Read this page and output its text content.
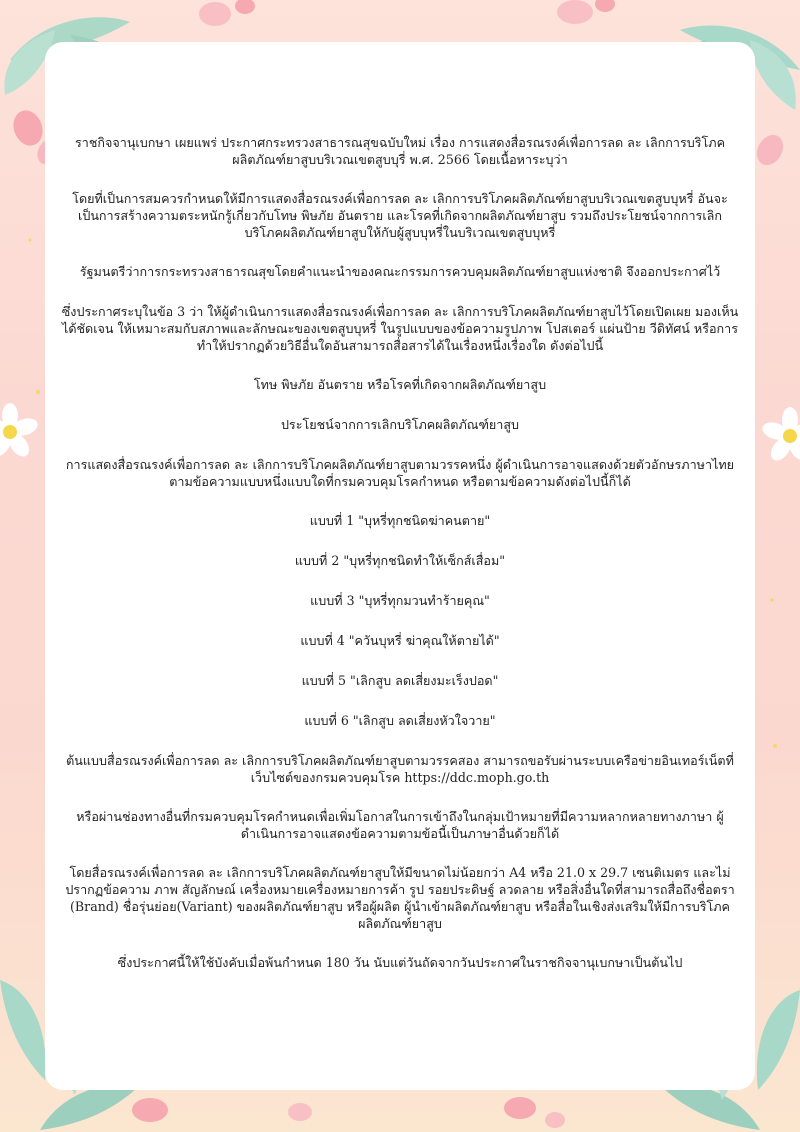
ราชกิจจานุเบกษา เผยแพร่ ประกาศกระทรวงสาธารณสุขฉบับใหม่ เรื่อง การแสดงสื่อรณรงค์เพื่อการลด ละ เลิกการบริโภคผลิตภัณฑ์ยาสูบบริเวณเขตสูบบุรี่ พ.ศ. 2566 โดยเนื้อหาระบุว่า

โดยที่เป็นการสมควรกำหนดให้มีการแสดงสื่อรณรงค์เพื่อการลด ละ เลิกการบริโภคผลิตภัณฑ์ยาสูบบริเวณเขตสูบบุหรี่ อันจะเป็นการสร้างความตระหนักรู้เกี่ยวกับโทษ พิษภัย อันตราย และโรคที่เกิดจากผลิตภัณฑ์ยาสูบ รวมถึงประโยชน์จากการเลิกบริโภคผลิตภัณฑ์ยาสูบให้กับผู้สูบบุหรี่ในบริเวณเขตสูบบุหรี่

รัฐมนตรีว่าการกระทรวงสาธารณสุขโดยคำแนะนำของคณะกรรมการควบคุมผลิตภัณฑ์ยาสูบแห่งชาติ จึงออกประกาศไว้

ซึ่งประกาศระบุในข้อ 3 ว่า ให้ผู้ดำเนินการแสดงสื่อรณรงค์เพื่อการลด ละ เลิกการบริโภคผลิตภัณฑ์ยาสูบไว้โดยเปิดเผย มองเห็นได้ชัดเจน ให้เหมาะสมกับสภาพและลักษณะของเขตสูบบุหรี่ ในรูปแบบของข้อความรูปภาพ โปสเตอร์ แผ่นป้าย วีดิทัศน์ หรือการทำให้ปรากฏด้วยวิธีอื่นใดอันสามารถสื่อสารได้ในเรื่องหนึ่งเรื่องใด ดังต่อไปนี้

โทษ พิษภัย อันตราย หรือโรคที่เกิดจากผลิตภัณฑ์ยาสูบ

ประโยชน์จากการเลิกบริโภคผลิตภัณฑ์ยาสูบ

การแสดงสื่อรณรงค์เพื่อการลด ละ เลิกการบริโภคผลิตภัณฑ์ยาสูบตามวรรคหนึ่ง ผู้ดำเนินการอาจแสดงด้วยตัวอักษรภาษาไทยตามข้อความแบบหนึ่งแบบใดที่กรมควบคุมโรคกำหนด หรือตามข้อความดังต่อไปนี้ก็ได้

แบบที่ 1 "บุหรี่ทุกชนิดฆ่าคนตาย"

แบบที่ 2 "บุหรี่ทุกชนิดทำให้เซ็กส์เสื่อม"

แบบที่ 3 "บุหรี่ทุกมวนทำร้ายคุณ"

แบบที่ 4 "ควันบุหรี่ ฆ่าคุณให้ตายได้"

แบบที่ 5 "เลิกสูบ ลดเสี่ยงมะเร็งปอด"

แบบที่ 6 "เลิกสูบ ลดเสี่ยงหัวใจวาย"

ต้นแบบสื่อรณรงค์เพื่อการลด ละ เลิกการบริโภคผลิตภัณฑ์ยาสูบตามวรรคสอง สามารถขอรับผ่านระบบเครือข่ายอินเทอร์เน็ตที่เว็บไซต์ของกรมควบคุมโรค https://ddc.moph.go.th

หรือผ่านช่องทางอื่นที่กรมควบคุมโรคกำหนดเพื่อเพิ่มโอกาสในการเข้าถึงในกลุ่มเป้าหมายที่มีความหลากหลายทางภาษา ผู้ดำเนินการอาจแสดงข้อความตามข้อนี้เป็นภาษาอื่นด้วยก็ได้

โดยสื่อรณรงค์เพื่อการลด ละ เลิกการบริโภคผลิตภัณฑ์ยาสูบให้มีขนาดไม่น้อยกว่า A4 หรือ 21.0 x 29.7 เซนติเมตร และไม่ปรากฏข้อความ ภาพ สัญลักษณ์ เครื่องหมายเครื่องหมายการค้า รูป รอยประดิษฐ์ ลวดลาย หรือสิ่งอื่นใดที่สามารถสื่อถึงชื่อตรา (Brand) ชื่อรุ่นย่อย(Variant) ของผลิตภัณฑ์ยาสูบ หรือผู้ผลิต ผู้นำเข้าผลิตภัณฑ์ยาสูบ หรือสื่อในเชิงส่งเสริมให้มีการบริโภคผลิตภัณฑ์ยาสูบ

ซึ่งประกาศนี้ให้ใช้บังคับเมื่อพ้นกำหนด 180 วัน นับแต่วันถัดจากวันประกาศในราชกิจจานุเบกษาเป็นต้นไป
